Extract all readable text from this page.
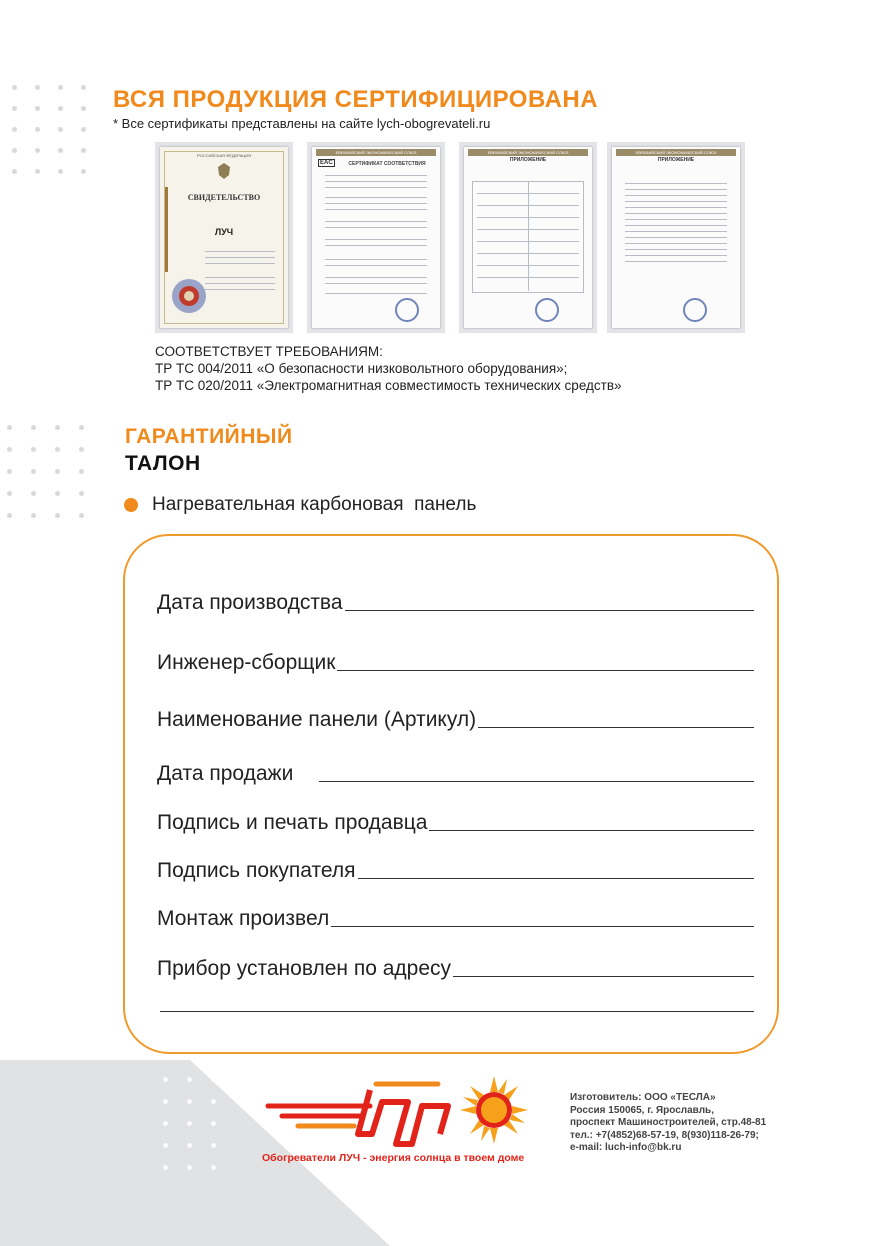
ВСЯ ПРОДУКЦИЯ СЕРТИФИЦИРОВАНА
* Все сертификаты представлены на сайте lych-obogrevateli.ru
РОССИЙСКАЯ ФЕДЕРАЦИЯ
СВИДЕТЕЛЬСТВО
ЛУЧ
ЕВРАЗИЙСКИЙ ЭКОНОМИЧЕСКИЙ СОЮЗ
EAC	СЕРТИФИКАТ СООТВЕТСТВИЯ
ЕВРАЗИЙСКИЙ ЭКОНОМИЧЕСКИЙ СОЮЗ
ПРИЛОЖЕНИЕ
ЕВРАЗИЙСКИЙ ЭКОНОМИЧЕСКИЙ СОЮЗ
ПРИЛОЖЕНИЕ
СООТВЕТСТВУЕТ ТРЕБОВАНИЯМ:
ТР ТС 004/2011 «О безопасности низковольтного оборудования»;
ТР ТС 020/2011 «Электромагнитная совместимость технических средств»
ГАРАНТИЙНЫЙ
ТАЛОН
Нагревательная карбоновая  панель
Дата производства
Инженер-сборщик
Наименование панели (Артикул)
Дата продажи
Подпись и печать продавца
Подпись покупателя
Монтаж произвел
Прибор установлен по адресу
Обогреватели ЛУЧ - энергия солнца в твоем доме
Изготовитель: ООО «ТЕСЛА»
Россия 150065, г. Ярославль,
проспект Машиностроителей, стр.48-81
тел.: +7(4852)68-57-19, 8(930)118-26-79;
e-mail: luch-info@bk.ru
